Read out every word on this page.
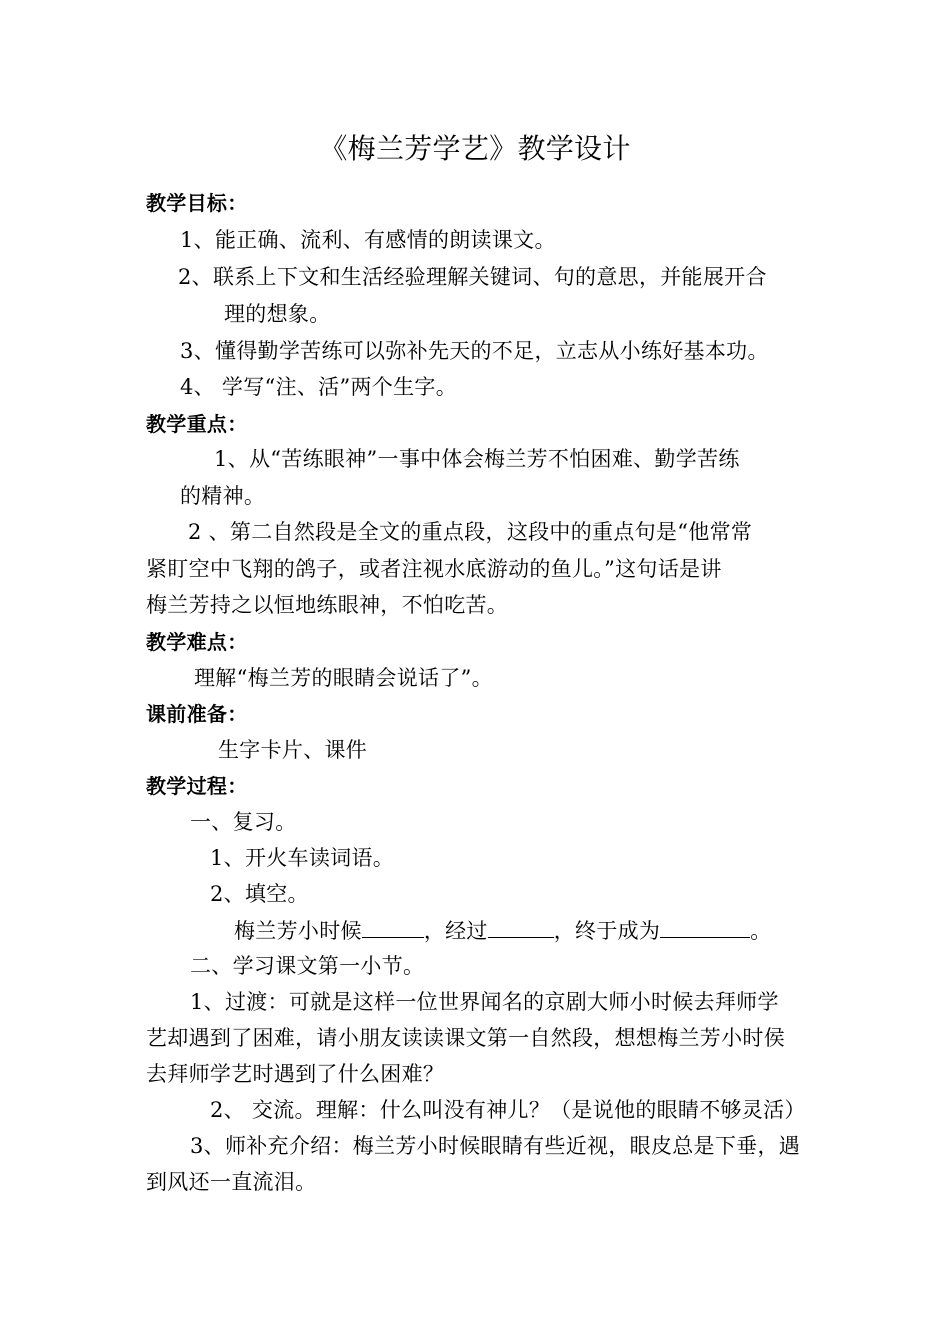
《梅兰芳学艺》教学设计
教学目标：
1、能正确、流利、有感情的朗读课文。
2、联系上下文和生活经验理解关键词、句的意思，并能展开合
理的想象。
3、懂得勤学苦练可以弥补先天的不足，立志从小练好基本功。
4、 学写“注、活”两个生字。
教学重点：
1、从“苦练眼神”一事中体会梅兰芳不怕困难、勤学苦练
的精神。
2 、第二自然段是全文的重点段，这段中的重点句是“他常常
紧盯空中飞翔的鸽子，或者注视水底游动的鱼儿。”这句话是讲
梅兰芳持之以恒地练眼神，不怕吃苦。
教学难点：
理解“梅兰芳的眼睛会说话了”。
课前准备：
生字卡片、课件
教学过程：
一、复习。
1、开火车读词语。
2、填空。
梅兰芳小时候	，经过	，终于成为	。
二、学习课文第一小节。
1、过渡：可就是这样一位世界闻名的京剧大师小时候去拜师学
艺却遇到了困难，请小朋友读读课文第一自然段，想想梅兰芳小时侯
去拜师学艺时遇到了什么困难？
2、 交流。理解：什么叫没有神儿？（是说他的眼睛不够灵活）
3、师补充介绍：梅兰芳小时候眼睛有些近视，眼皮总是下垂，遇
到风还一直流泪。
